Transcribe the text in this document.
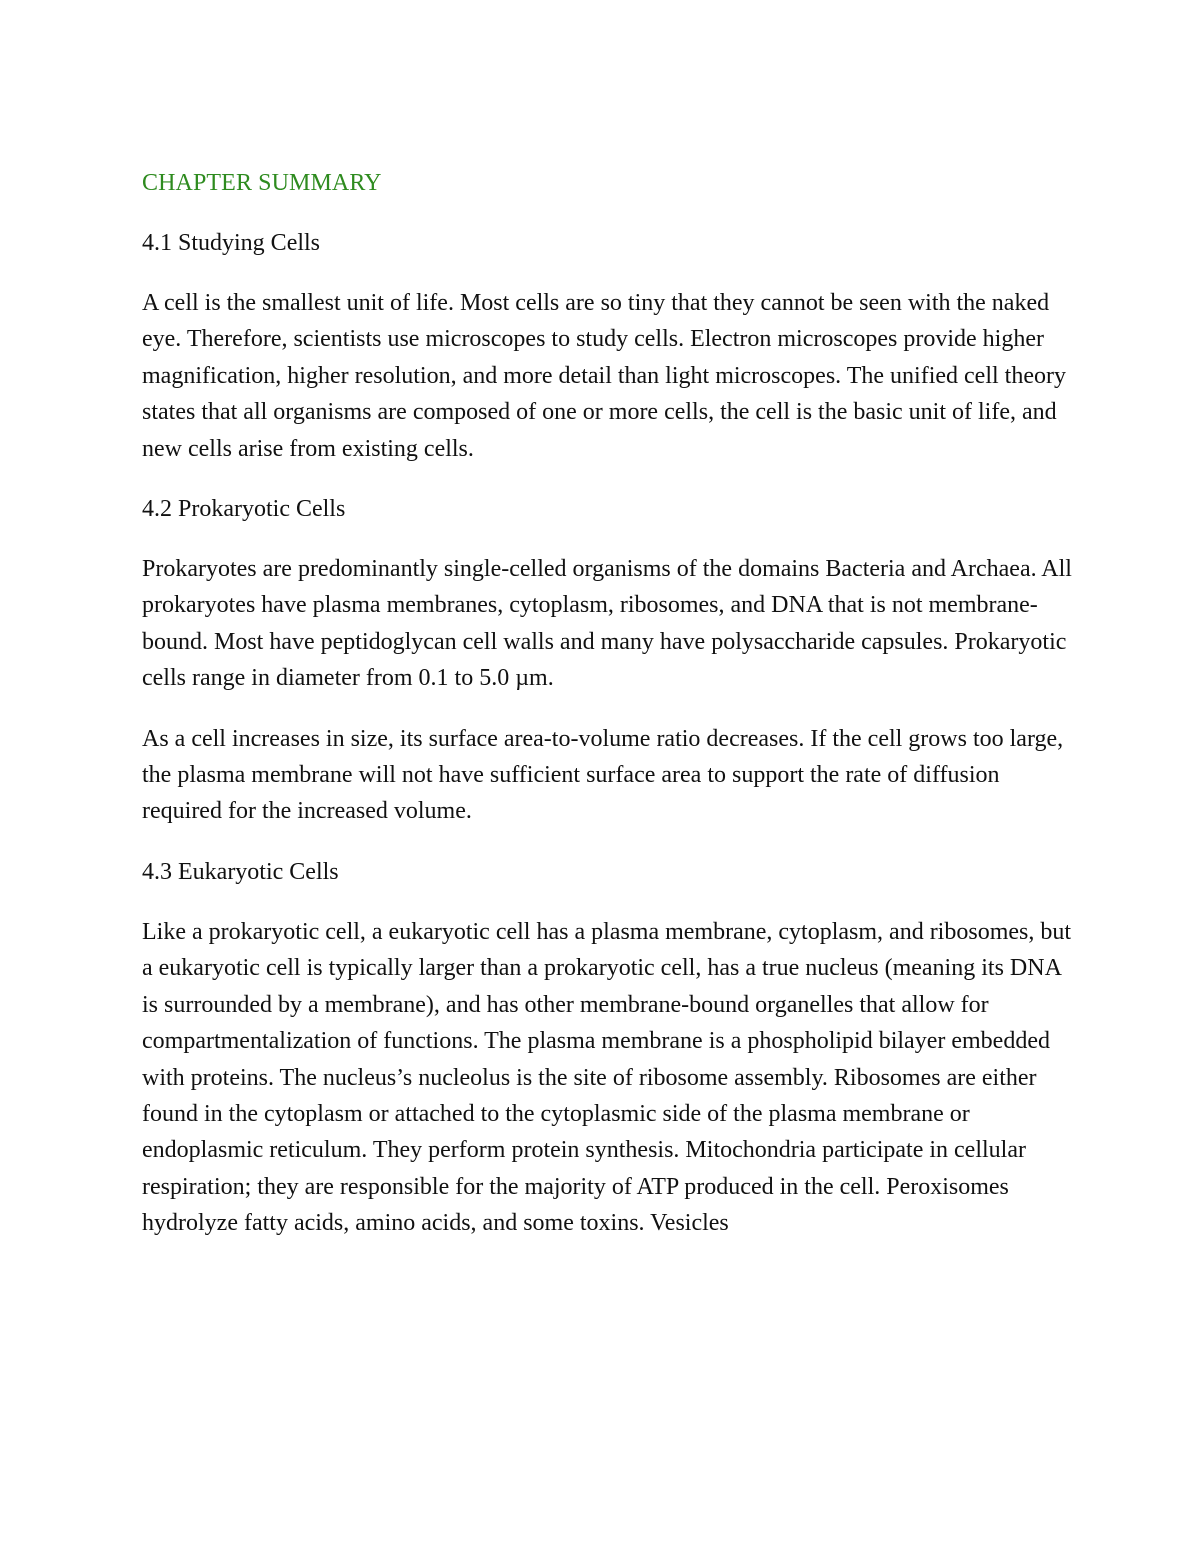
CHAPTER SUMMARY
4.1 Studying Cells

A cell is the smallest unit of life. Most cells are so tiny that they cannot be seen with the naked eye. Therefore, scientists use microscopes to study cells. Electron microscopes provide higher magnification, higher resolution, and more detail than light microscopes. The unified cell theory states that all organisms are composed of one or more cells, the cell is the basic unit of life, and new cells arise from existing cells.

4.2 Prokaryotic Cells

Prokaryotes are predominantly single-celled organisms of the domains Bacteria and Archaea. All prokaryotes have plasma membranes, cytoplasm, ribosomes, and DNA that is not membrane-bound. Most have peptidoglycan cell walls and many have polysaccharide capsules. Prokaryotic cells range in diameter from 0.1 to 5.0 µm.

As a cell increases in size, its surface area-to-volume ratio decreases. If the cell grows too large, the plasma membrane will not have sufficient surface area to support the rate of diffusion required for the increased volume.

4.3 Eukaryotic Cells

Like a prokaryotic cell, a eukaryotic cell has a plasma membrane, cytoplasm, and ribosomes, but a eukaryotic cell is typically larger than a prokaryotic cell, has a true nucleus (meaning its DNA is surrounded by a membrane), and has other membrane-bound organelles that allow for compartmentalization of functions. The plasma membrane is a phospholipid bilayer embedded with proteins. The nucleus’s nucleolus is the site of ribosome assembly. Ribosomes are either found in the cytoplasm or attached to the cytoplasmic side of the plasma membrane or endoplasmic reticulum. They perform protein synthesis. Mitochondria participate in cellular respiration; they are responsible for the majority of ATP produced in the cell. Peroxisomes hydrolyze fatty acids, amino acids, and some toxins. Vesicles
